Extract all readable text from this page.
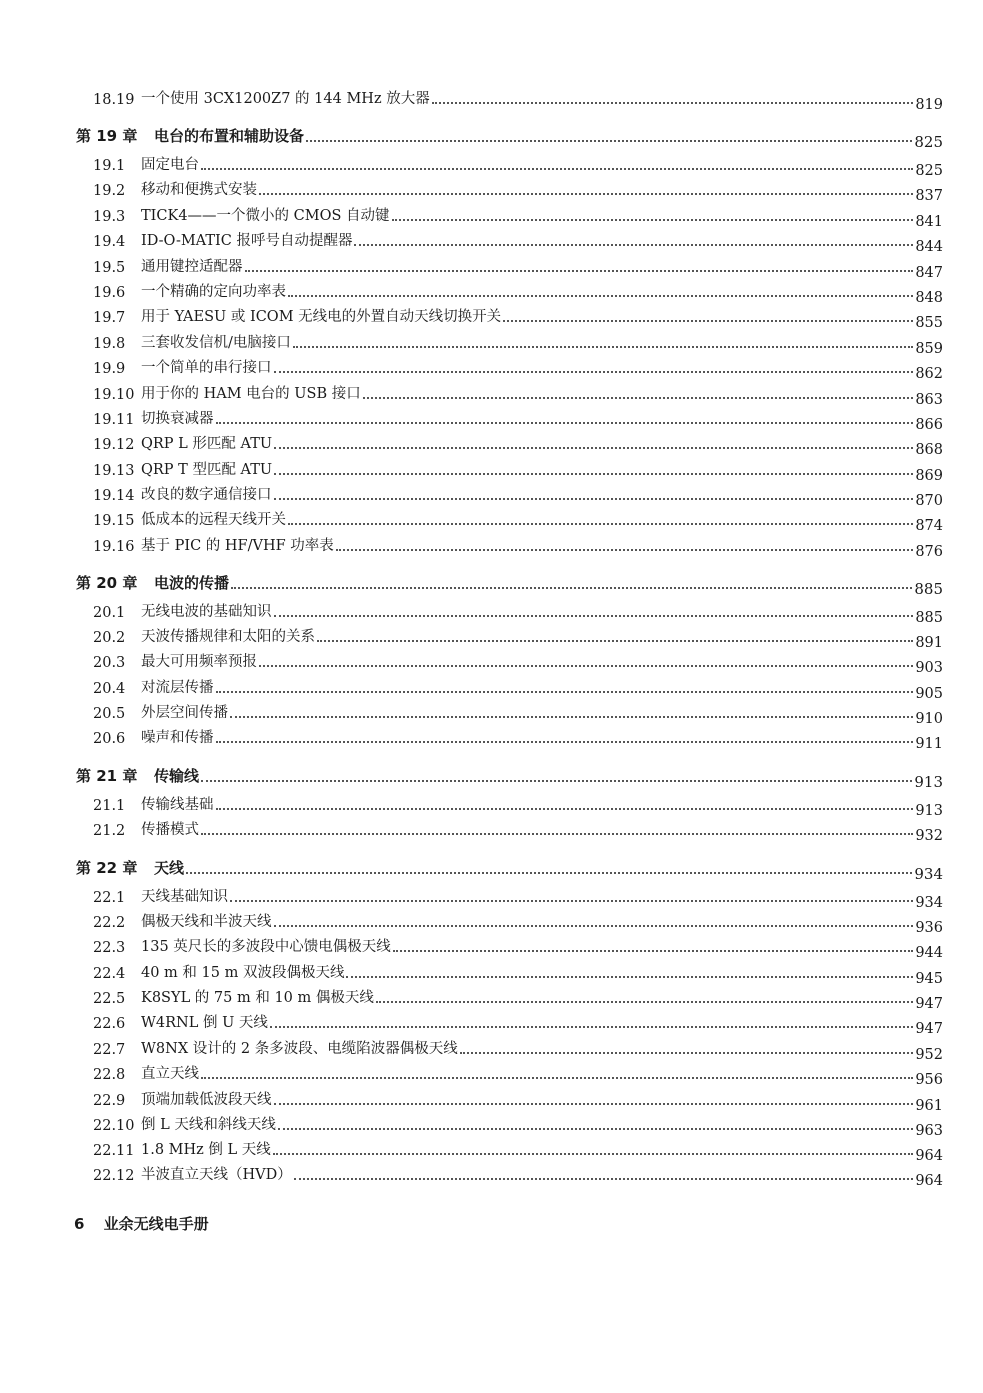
18.19 一个使用 3CX1200Z7 的 144 MHz 放大器	819
第 19 章	电台的布置和辅助设备	825
19.1	固定电台	825
19.2	移动和便携式安装	837
19.3	TICK4——一个微小的 CMOS 自动键	841
19.4	ID-O-MATIC 报呼号自动提醒器	844
19.5	通用键控适配器	847
19.6	一个精确的定向功率表	848
19.7	用于 YAESU 或 ICOM 无线电的外置自动天线切换开关	855
19.8	三套收发信机/电脑接口	859
19.9	一个简单的串行接口	862
19.10 用于你的 HAM 电台的 USB 接口	863
19.11 切换衰减器	866
19.12 QRP L 形匹配 ATU	868
19.13 QRP T 型匹配 ATU	869
19.14 改良的数字通信接口	870
19.15 低成本的远程天线开关	874
19.16 基于 PIC 的 HF/VHF 功率表	876
第 20 章	电波的传播	885
20.1	无线电波的基础知识	885
20.2	天波传播规律和太阳的关系	891
20.3	最大可用频率预报	903
20.4	对流层传播	905
20.5	外层空间传播	910
20.6	噪声和传播	911
第 21 章	传输线	913
21.1	传输线基础	913
21.2	传播模式	932
第 22 章	天线	934
22.1	天线基础知识	934
22.2	偶极天线和半波天线	936
22.3	135 英尺长的多波段中心馈电偶极天线	944
22.4	40 m 和 15 m 双波段偶极天线	945
22.5	K8SYL 的 75 m 和 10 m 偶极天线	947
22.6	W4RNL 倒 U 天线	947
22.7	W8NX 设计的 2 条多波段、电缆陷波器偶极天线	952
22.8	直立天线	956
22.9	顶端加载低波段天线	961
22.10 倒 L 天线和斜线天线	963
22.11 1.8 MHz 倒 L 天线	964
22.12 半波直立天线（HVD）	964
6 业余无线电手册
